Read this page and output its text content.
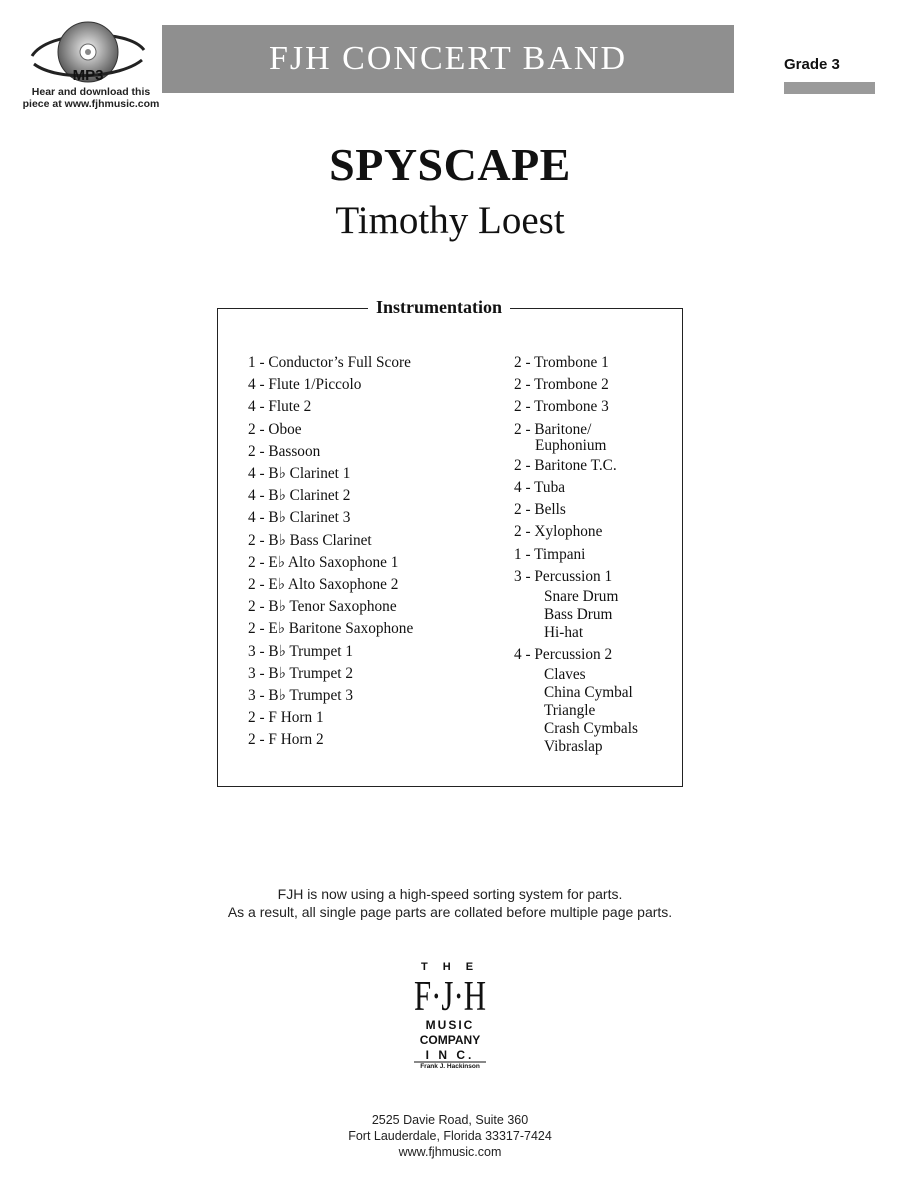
MP3
Hear and download this
piece at www.fjhmusic.com
FJH CONCERT BAND	Grade 3
SPYSCAPE
Timothy Loest
Instrumentation
1 - Conductor’s Full Score
4 - Flute 1/Piccolo
4 - Flute 2
2 - Oboe
2 - Bassoon
4 - B♭ Clarinet 1
4 - B♭ Clarinet 2
4 - B♭ Clarinet 3
2 - B♭ Bass Clarinet
2 - E♭ Alto Saxophone 1
2 - E♭ Alto Saxophone 2
2 - B♭ Tenor Saxophone
2 - E♭ Baritone Saxophone
3 - B♭ Trumpet 1
3 - B♭ Trumpet 2
3 - B♭ Trumpet 3
2 - F Horn 1
2 - F Horn 2
2 - Trombone 1
2 - Trombone 2
2 - Trombone 3
2 - Baritone/
Euphonium
2 - Baritone T.C.
4 - Tuba
2 - Bells
2 - Xylophone
1 - Timpani
3 - Percussion 1
Snare Drum
Bass Drum
Hi-hat
4 - Percussion 2
Claves
China Cymbal
Triangle
Crash Cymbals
Vibraslap
FJH is now using a high-speed sorting system for parts.
As a result, all single page parts are collated before multiple page parts.
T H E
F·J·H
MUSIC
COMPANY
I N C.
Frank J. Hackinson
2525 Davie Road, Suite 360
Fort Lauderdale, Florida 33317-7424
www.fjhmusic.com
